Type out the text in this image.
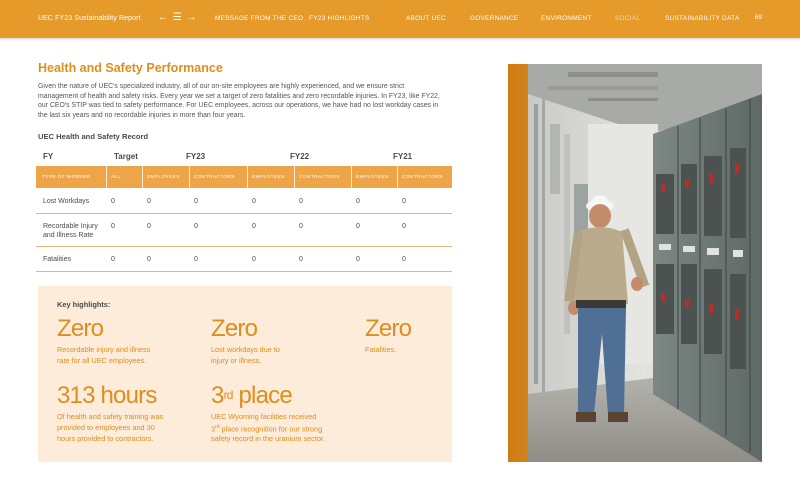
UEC FY23 Sustainability Report ← ☰ →	MESSAGE FROM THE CEO FY23 HIGHLIGHTS	ABOUT UEC	GOVERNANCE	ENVIRONMENT	SOCIAL	SUSTAINABILITY DATA 69
Health and Safety Performance
Given the nature of UEC's specialized industry, all of our on-site employees are highly experienced, and we ensure strict
management of health and safety risks. Every year we set a target of zero fatalities and zero recordable injuries. In FY23, like FY22,
our CEO's STIP was tied to safety performance. For UEC employees, across our operations, we have had no lost workday cases in
the last six years and no recordable injuries in more than four years.
UEC Health and Safety Record
FY	Target	FY23	FY22	FY21
TYPE OF WORKER	ALL	EMPLOYEES	CONTRACTORS	EMPLOYEES	CONTRACTORS	EMPLOYEES	CONTRACTORS
Lost Workdays	0	0	0	0	0	0	0
Recordable Injury
and Illness Rate
0	0	0	0	0	0	0
Fatalities	0	0	0	0	0	0	0
Key highlights:
Zero
Recordable injury and illness
rate for all UEC employees.
Zero
Lost workdays due to
injury or illness.
Zero
Fatalities.
313 hours
Of health and safety training was
provided to employees and 30
hours provided to contractors.
3rd place
UEC Wyoming facilities received
3rd place recognition for our strong
safety record in the uranium sector.
